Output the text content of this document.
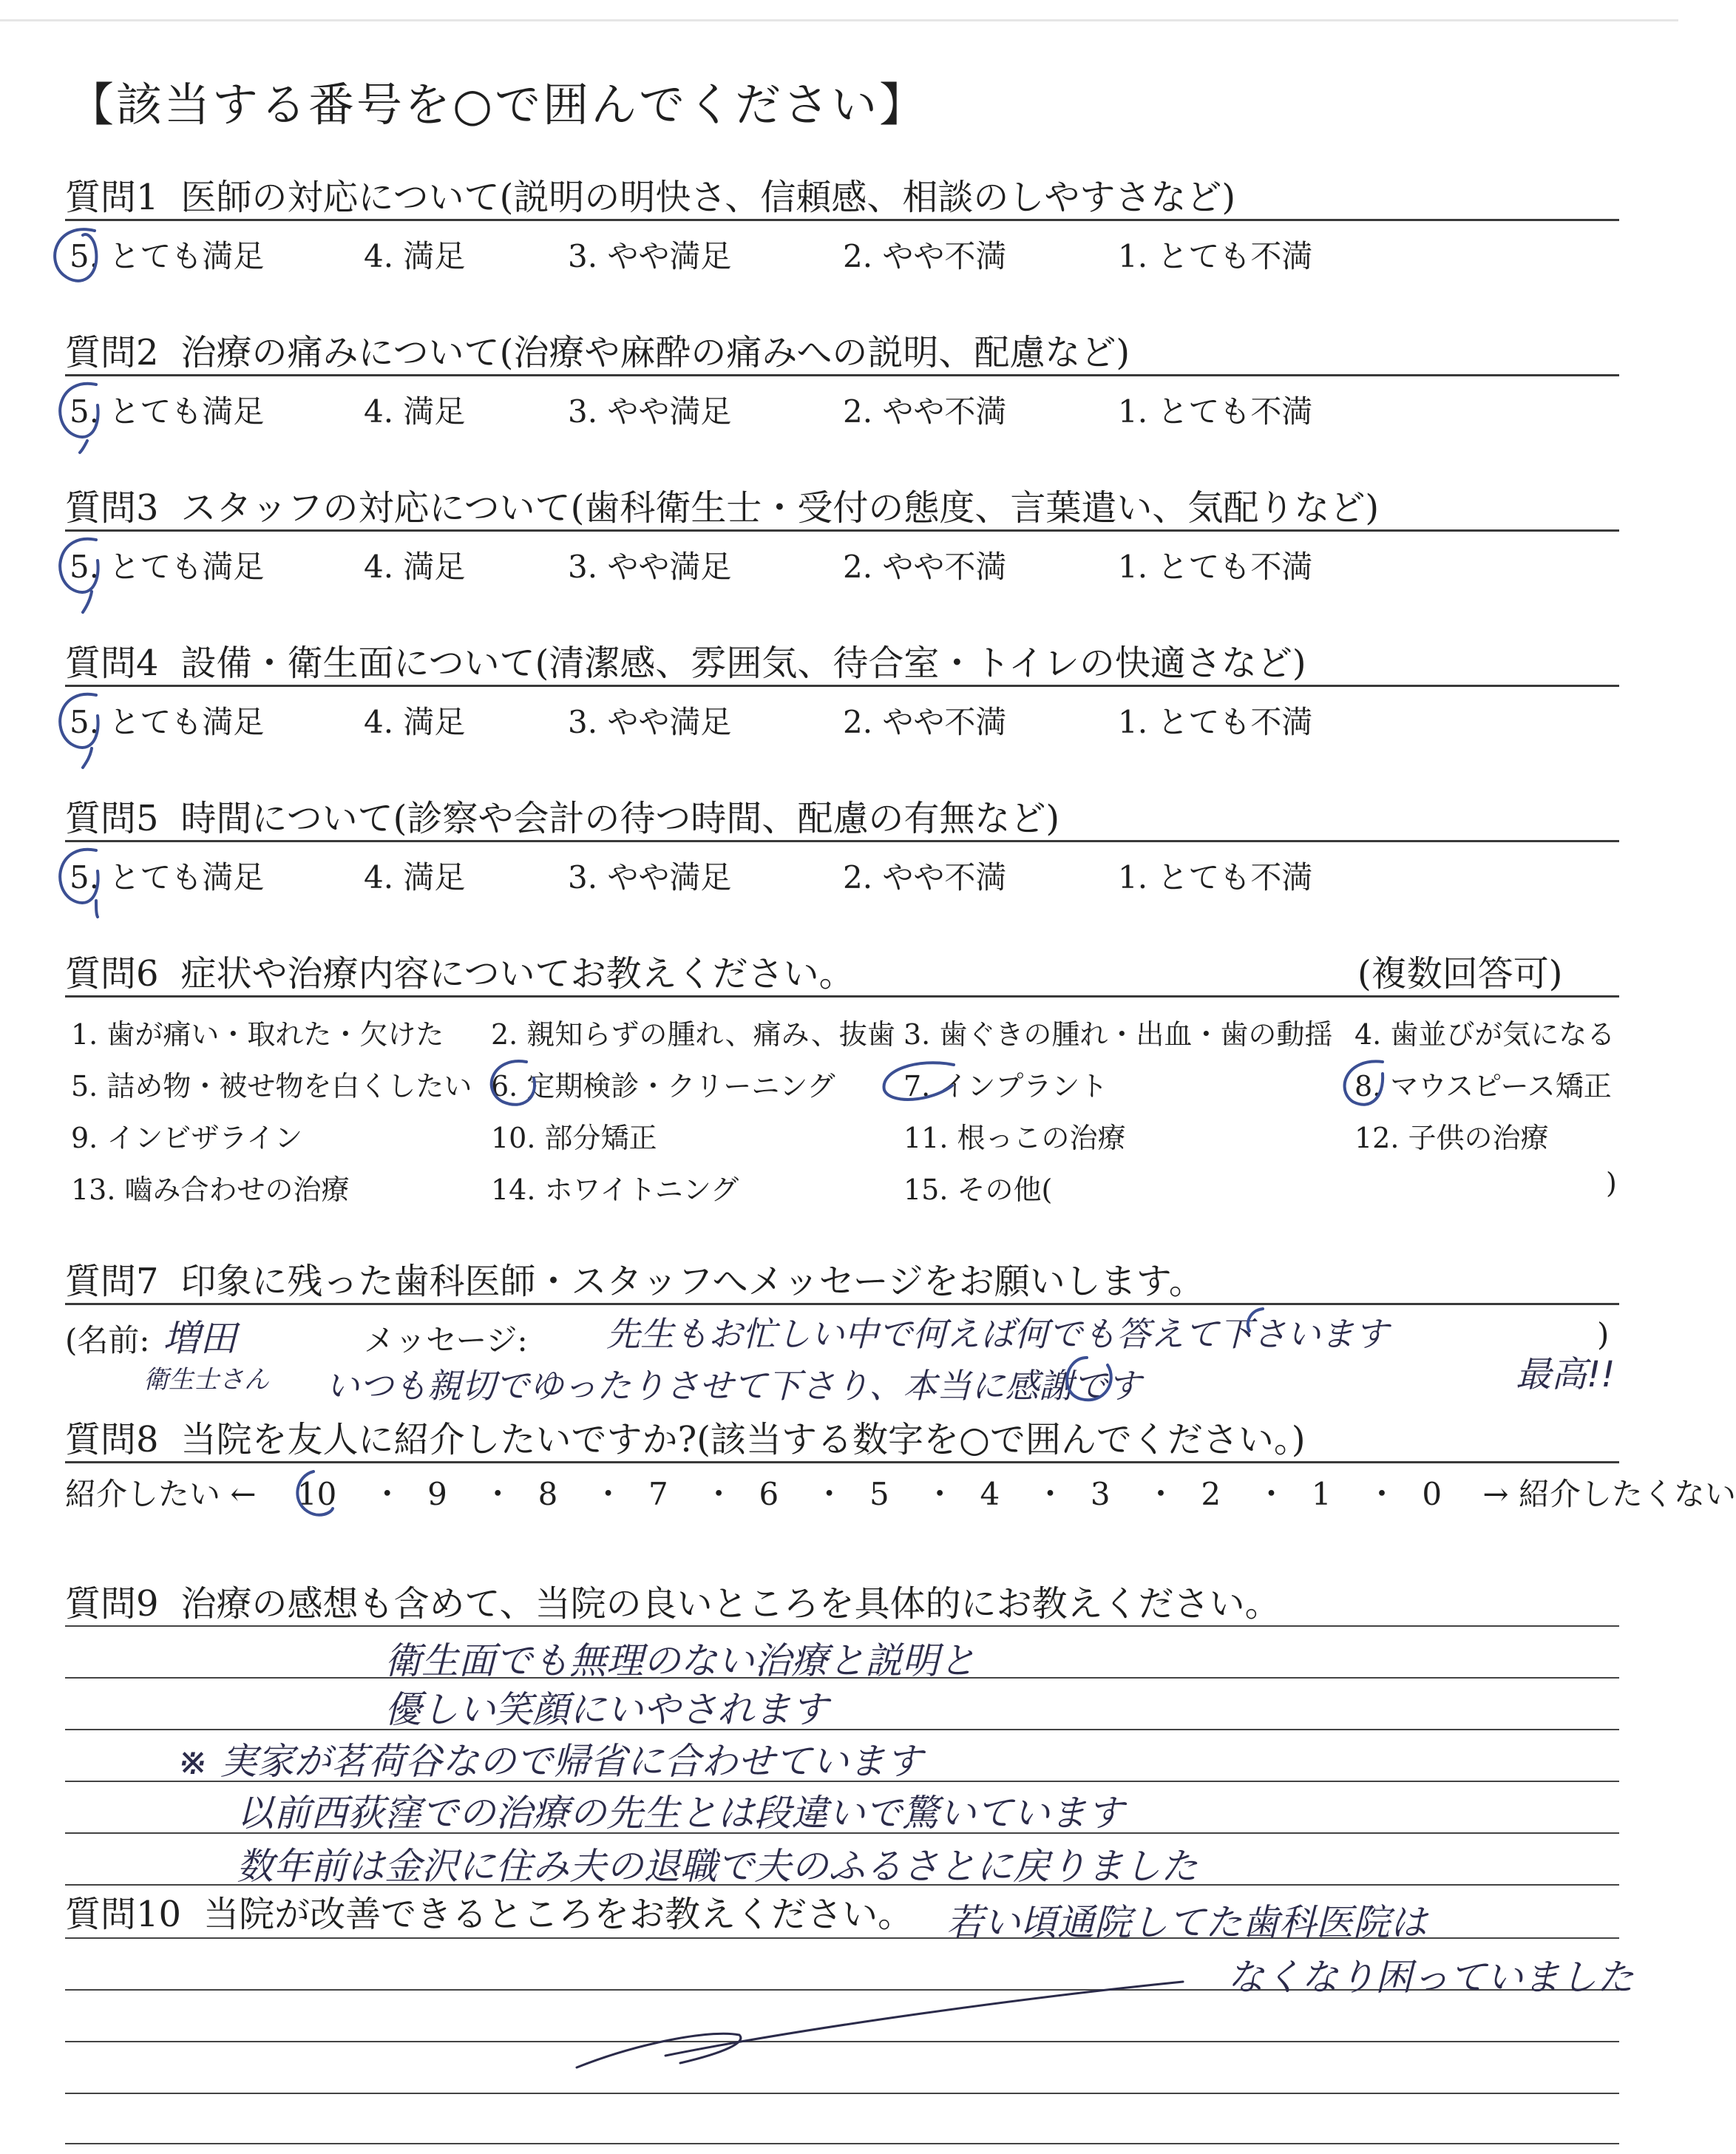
【該当する番号を○で囲んでください】
質問1 医師の対応について(説明の明快さ、信頼感、相談のしやすさなど)
5. とても満足	4. 満足	3. やや満足	2. やや不満	1. とても不満
質問2 治療の痛みについて(治療や麻酔の痛みへの説明、配慮など)
5. とても満足	4. 満足	3. やや満足	2. やや不満	1. とても不満
質問3 スタッフの対応について(歯科衛生士・受付の態度、言葉遣い、気配りなど)
5. とても満足	4. 満足	3. やや満足	2. やや不満	1. とても不満
質問4 設備・衛生面について(清潔感、雰囲気、待合室・トイレの快適さなど)
5. とても満足	4. 満足	3. やや満足	2. やや不満	1. とても不満
質問5 時間について(診察や会計の待つ時間、配慮の有無など)
5. とても満足	4. 満足	3. やや満足	2. やや不満	1. とても不満
質問6 症状や治療内容についてお教えください。	(複数回答可)
1. 歯が痛い・取れた・欠けた 2. 親知らずの腫れ、痛み、抜歯 3. 歯ぐきの腫れ・出血・歯の動揺 4. 歯並びが気になる
5. 詰め物・被せ物を白くしたい 6. 定期検診・クリーニング 7. インプラント	8. マウスピース矯正
9. インビザライン	10. 部分矯正	11. 根っこの治療	12. 子供の治療
13. 嚙み合わせの治療	14. ホワイトニング	15. その他(	)
質問7 印象に残った歯科医師・スタッフへメッセージをお願いします。
(名前:	メッセージ:	)
増田
衛生士さん
先生もお忙しい中で何えば何でも答えて下さいます
いつも親切でゆったりさせて下さり、本当に感謝です	最高!!
質問8 当院を友人に紹介したいですか?(該当する数字を○で囲んでください。)
紹介したい ← 10 ・ 9 ・ 8 ・ 7 ・ 6 ・ 5 ・ 4 ・ 3 ・ 2 ・ 1 ・ 0 → 紹介したくない
質問9 治療の感想も含めて、当院の良いところを具体的にお教えください。
衛生面でも無理のない治療と説明と
優しい笑顔にいやされます
※ 実家が茗荷谷なので帰省に合わせています
以前西荻窪での治療の先生とは段違いで驚いています
数年前は金沢に住み夫の退職で夫のふるさとに戻りました
質問10 当院が改善できるところをお教えください。 若い頃通院してた歯科医院は
なくなり困っていました
